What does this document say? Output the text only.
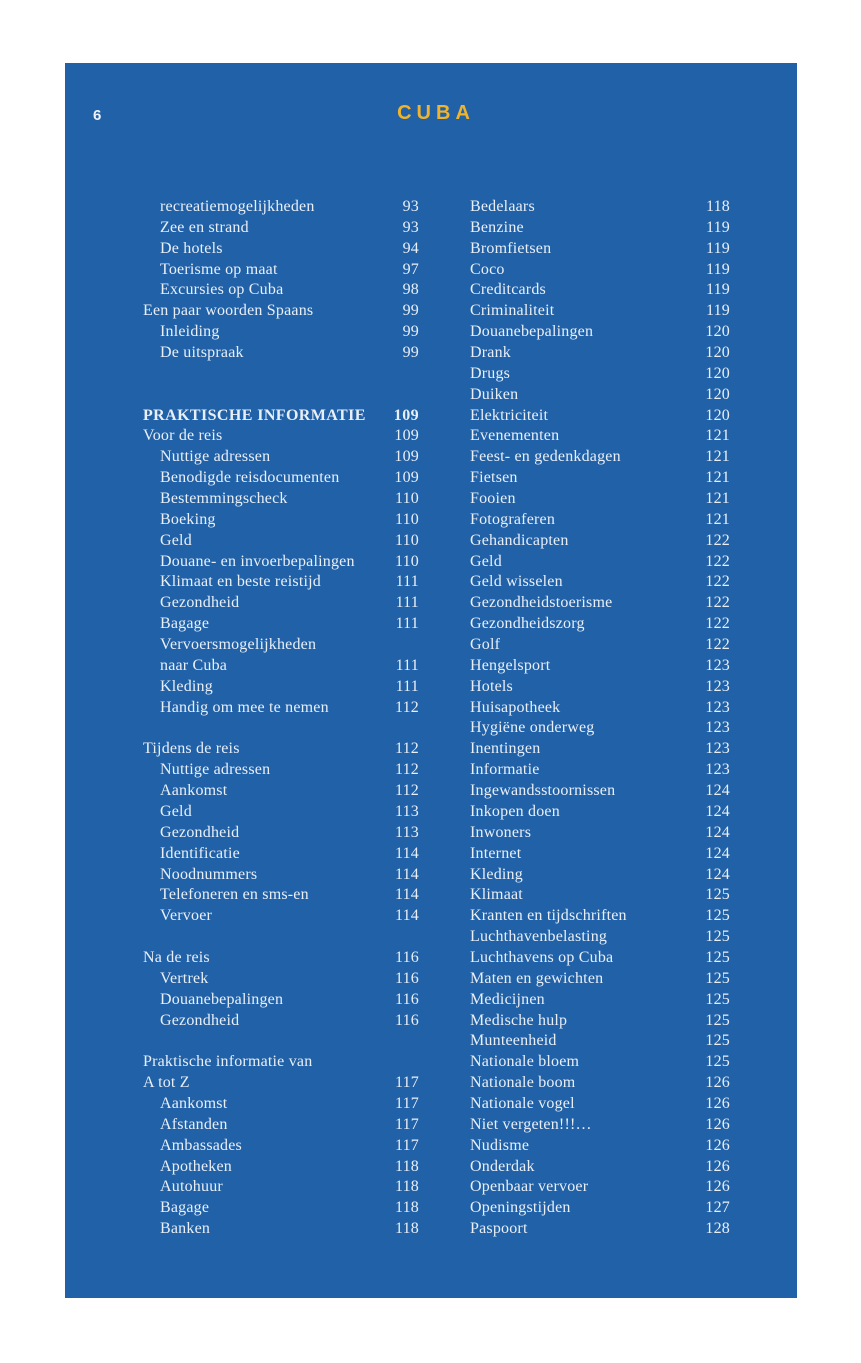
6	CUBA
recreatiemogelijkheden	93
Zee en strand	93
De hotels	94
Toerisme op maat	97
Excursies op Cuba	98
Een paar woorden Spaans	99
Inleiding	99
De uitspraak	99
PRAKTISCHE INFORMATIE	109
Voor de reis	109
Nuttige adressen	109
Benodigde reisdocumenten	109
Bestemmingscheck	110
Boeking	110
Geld	110
Douane- en invoerbepalingen	110
Klimaat en beste reistijd	111
Gezondheid	111
Bagage	111
Vervoersmogelijkheden
naar Cuba	111
Kleding	111
Handig om mee te nemen	112
Tijdens de reis	112
Nuttige adressen	112
Aankomst	112
Geld	113
Gezondheid	113
Identificatie	114
Noodnummers	114
Telefoneren en sms-en	114
Vervoer	114
Na de reis	116
Vertrek	116
Douanebepalingen	116
Gezondheid	116
Praktische informatie van
A tot Z	117
Aankomst	117
Afstanden	117
Ambassades	117
Apotheken	118
Autohuur	118
Bagage	118
Banken	118
Bedelaars	118
Benzine	119
Bromfietsen	119
Coco	119
Creditcards	119
Criminaliteit	119
Douanebepalingen	120
Drank	120
Drugs	120
Duiken	120
Elektriciteit	120
Evenementen	121
Feest- en gedenkdagen	121
Fietsen	121
Fooien	121
Fotograferen	121
Gehandicapten	122
Geld	122
Geld wisselen	122
Gezondheidstoerisme	122
Gezondheidszorg	122
Golf	122
Hengelsport	123
Hotels	123
Huisapotheek	123
Hygiëne onderweg	123
Inentingen	123
Informatie	123
Ingewandsstoornissen	124
Inkopen doen	124
Inwoners	124
Internet	124
Kleding	124
Klimaat	125
Kranten en tijdschriften	125
Luchthavenbelasting	125
Luchthavens op Cuba	125
Maten en gewichten	125
Medicijnen	125
Medische hulp	125
Munteenheid	125
Nationale bloem	125
Nationale boom	126
Nationale vogel	126
Niet vergeten!!!…	126
Nudisme	126
Onderdak	126
Openbaar vervoer	126
Openingstijden	127
Paspoort	128
